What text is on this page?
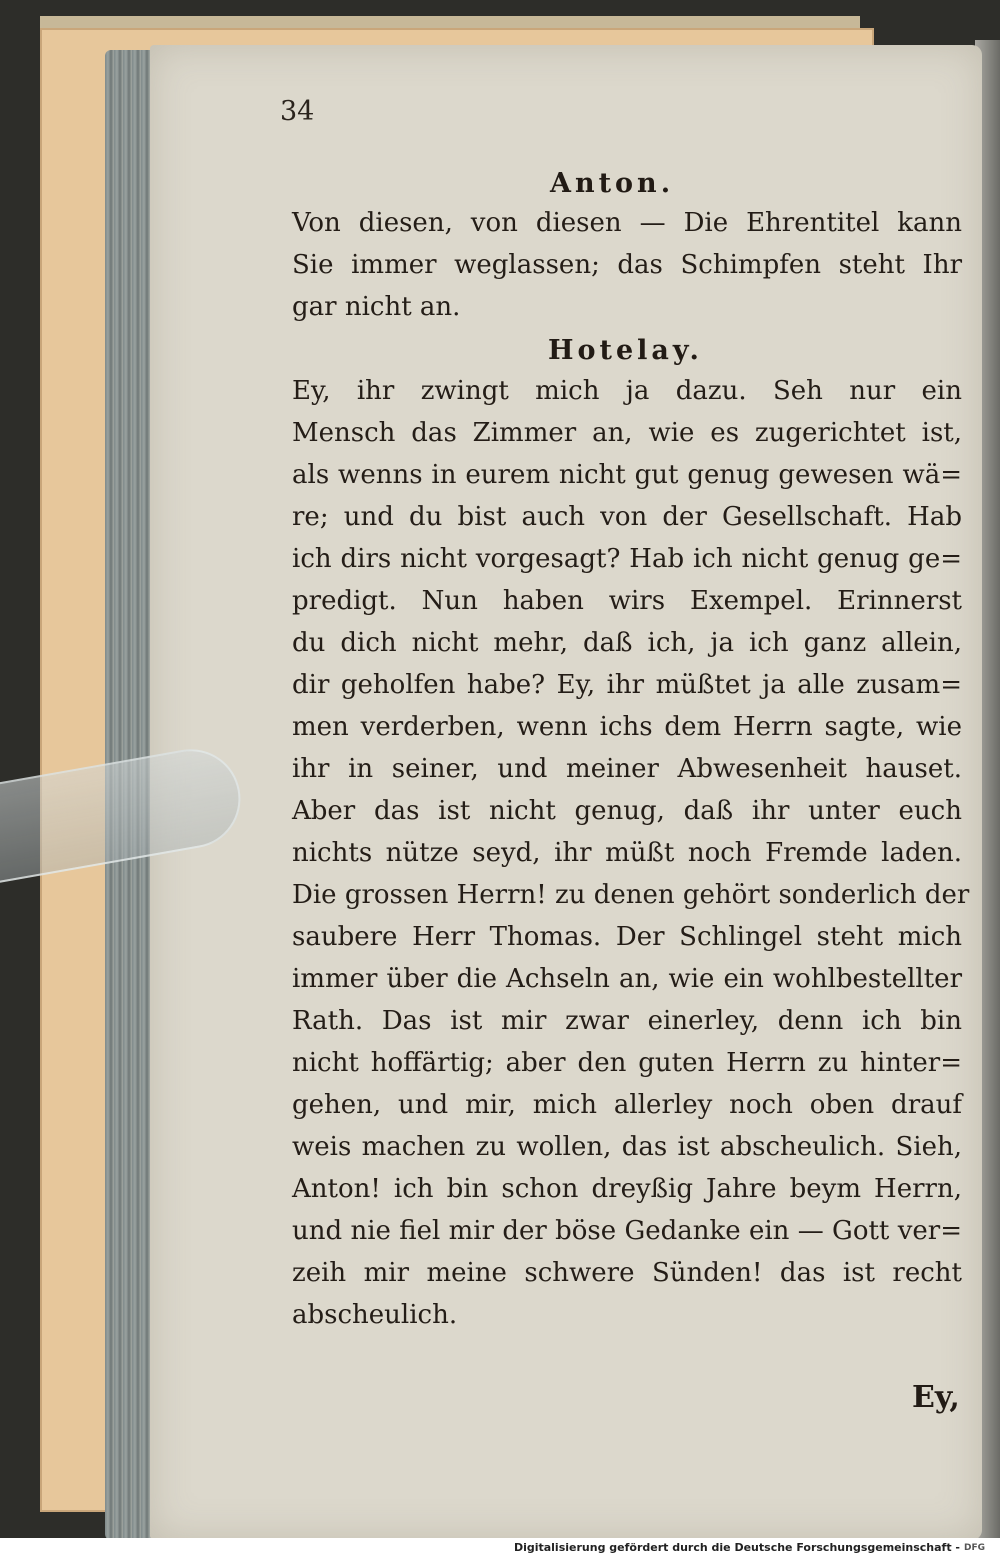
34
Anton.
Von diesen, von diesen — Die Ehrentitel kann
Sie immer weglassen; das Schimpfen steht Ihr
gar nicht an.
Hotelay.
Ey, ihr zwingt mich ja dazu. Seh nur ein
Mensch das Zimmer an, wie es zugerichtet ist,
als wenns in eurem nicht gut genug gewesen wä=
re; und du bist auch von der Gesellschaft. Hab
ich dirs nicht vorgesagt? Hab ich nicht genug ge=
predigt. Nun haben wirs Exempel. Erinnerst
du dich nicht mehr, daß ich, ja ich ganz allein,
dir geholfen habe? Ey, ihr müßtet ja alle zusam=
men verderben, wenn ichs dem Herrn sagte, wie
ihr in seiner, und meiner Abwesenheit hauset.
Aber das ist nicht genug, daß ihr unter euch
nichts nütze seyd, ihr müßt noch Fremde laden.
Die grossen Herrn! zu denen gehört sonderlich der
saubere Herr Thomas. Der Schlingel steht mich
immer über die Achseln an, wie ein wohlbestellter
Rath. Das ist mir zwar einerley, denn ich bin
nicht hoffärtig; aber den guten Herrn zu hinter=
gehen, und mir, mich allerley noch oben drauf
weis machen zu wollen, das ist abscheulich. Sieh,
Anton! ich bin schon dreyßig Jahre beym Herrn,
und nie fiel mir der böse Gedanke ein — Gott ver=
zeih mir meine schwere Sünden! das ist recht
abscheulich.
Ey,
Digitalisierung gefördert durch die Deutsche Forschungsgemeinschaft - DFG
